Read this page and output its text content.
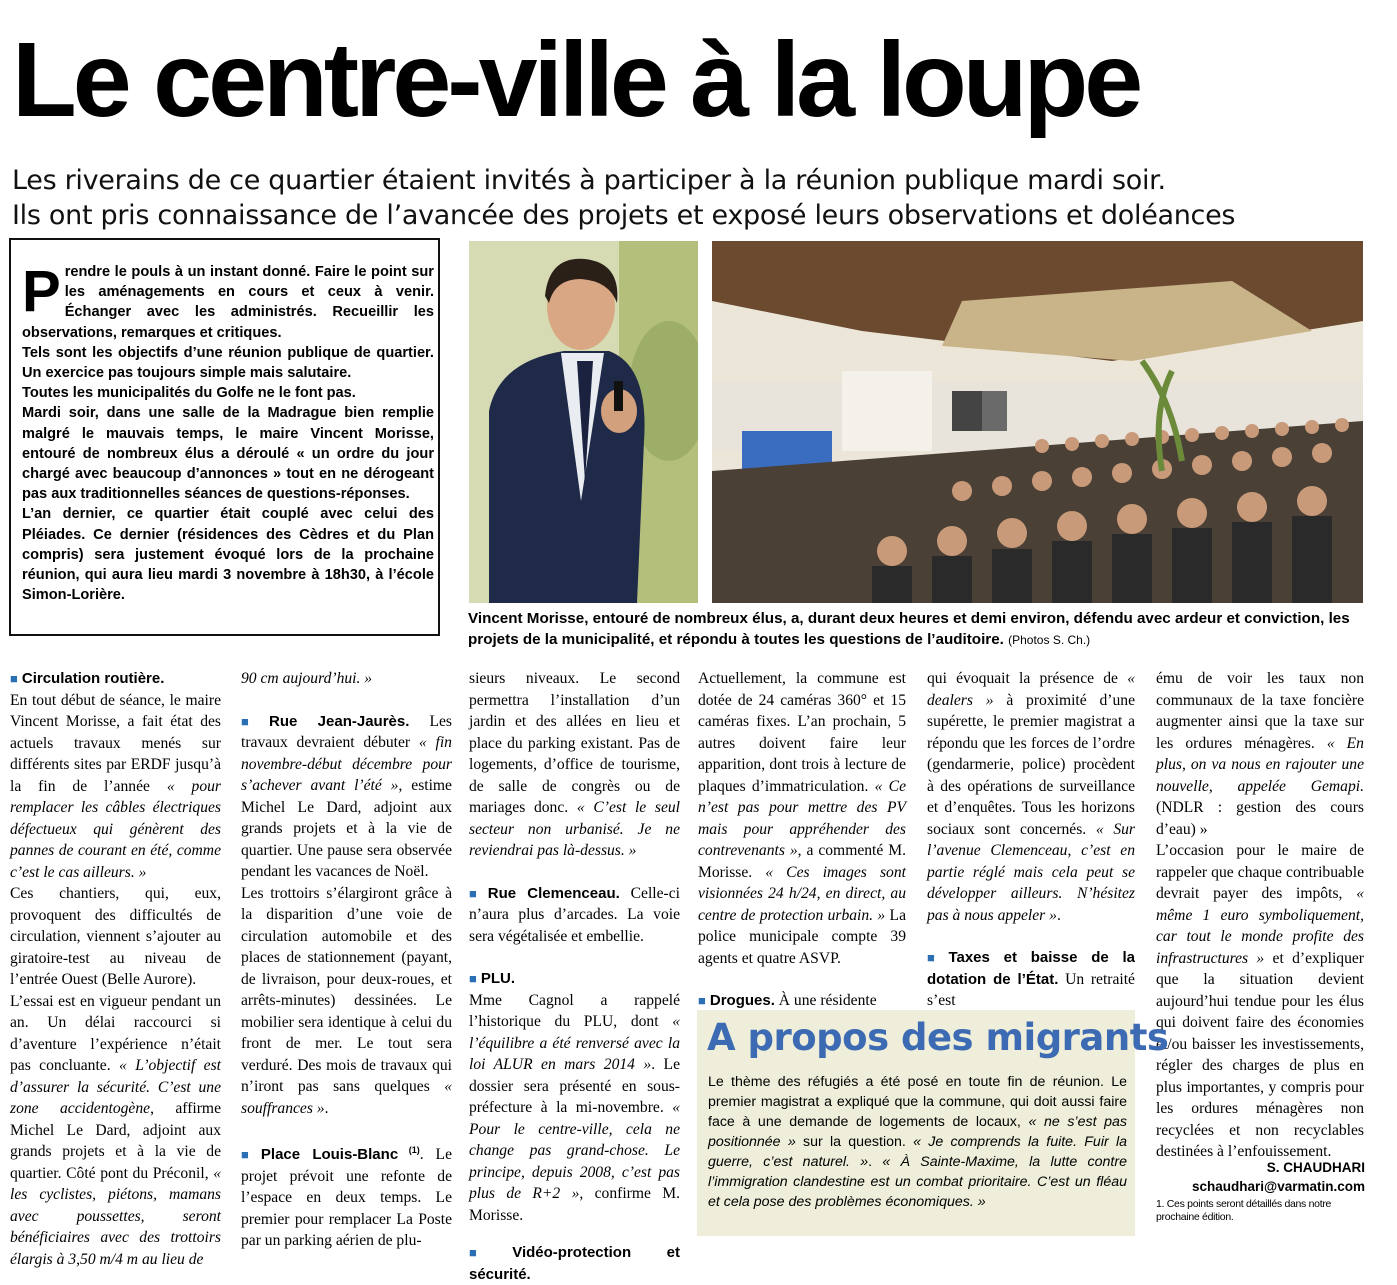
Le centre-ville à la loupe
Les riverains de ce quartier étaient invités à participer à la réunion publique mardi soir.
Ils ont pris connaissance de l’avancée des projets et exposé leurs observations et doléances
Prendre le pouls à un instant donné. Faire le point sur les aménagements en cours et ceux à venir. Échanger avec les administrés. Recueillir les observations, remarques et critiques.
Tels sont les objectifs d’une réunion publique de quartier. Un exercice pas toujours simple mais salutaire.
Toutes les municipalités du Golfe ne le font pas.
Mardi soir, dans une salle de la Madrague bien remplie malgré le mauvais temps, le maire Vincent Morisse, entouré de nombreux élus a déroulé « un ordre du jour chargé avec beaucoup d’annonces » tout en ne dérogeant pas aux traditionnelles séances de questions-réponses.
L’an dernier, ce quartier était couplé avec celui des Pléiades. Ce dernier (résidences des Cèdres et du Plan compris) sera justement évoqué lors de la prochaine réunion, qui aura lieu mardi 3 novembre à 18h30, à l’école Simon-Lorière.
Vincent Morisse, entouré de nombreux élus, a, durant deux heures et demi environ, défendu avec ardeur et conviction, les projets de la municipalité, et répondu à toutes les questions de l’auditoire. (Photos S. Ch.)

■ Circulation routière.

En tout début de séance, le maire Vincent Morisse, a fait état des actuels travaux menés sur différents sites par ERDF jusqu’à la fin de l’année « pour remplacer les câbles électriques défectueux qui génèrent des pannes de courant en été, comme c’est le cas ailleurs. »

Ces chantiers, qui, eux, provoquent des difficultés de circulation, viennent s’ajouter au giratoire-test au niveau de l’entrée Ouest (Belle Aurore).

L’essai est en vigueur pendant un an. Un délai raccourci si d’aventure l’expérience n’était pas concluante. « L’objectif est d’assurer la sécurité. C’est une zone accidentogène, affirme Michel Le Dard, adjoint aux grands projets et à la vie de quartier. Côté pont du Préconil, « les cyclistes, piétons, mamans avec poussettes, seront bénéficiaires avec des trottoirs élargis à 3,50 m/4 m au lieu de

90 cm aujourd’hui. »

■ Rue Jean-Jaurès. Les travaux devraient débuter « fin novembre-début décembre pour s’achever avant l’été », estime Michel Le Dard, adjoint aux grands projets et à la vie de quartier. Une pause sera observée pendant les vacances de Noël.

Les trottoirs s’élargiront grâce à la disparition d’une voie de circulation automobile et des places de stationnement (payant, de livraison, pour deux-roues, et arrêts-minutes) dessinées. Le mobilier sera identique à celui du front de mer. Le tout sera verduré. Des mois de travaux qui n’iront pas sans quelques « souffrances ».

■ Place Louis-Blanc $^{(1)}$. Le projet prévoit une refonte de l’espace en deux temps. Le premier pour remplacer La Poste par un parking aérien de plu-

sieurs niveaux. Le second permettra l’installation d’un jardin et des allées en lieu et place du parking existant. Pas de logements, d’office de tourisme, de salle de congrès ou de mariages donc. « C’est le seul secteur non urbanisé. Je ne reviendrai pas là-dessus. »

■ Rue Clemenceau. Celle-ci n’aura plus d’arcades. La voie sera végétalisée et embellie.

■ PLU.

Mme Cagnol a rappelé l’historique du PLU, dont « l’équilibre a été renversé avec la loi ALUR en mars 2014 ». Le dossier sera présenté en sous-préfecture à la mi-novembre. « Pour le centre-ville, cela ne change pas grand-chose. Le principe, depuis 2008, c’est pas plus de R+2 », confirme M. Morisse.

■ Vidéo-protection et sécurité.

Actuellement, la commune est dotée de 24 caméras 360° et 15 caméras fixes. L’an prochain, 5 autres doivent faire leur apparition, dont trois à lecture de plaques d’immatriculation. « Ce n’est pas pour mettre des PV mais pour appréhender des contrevenants », a commenté M. Morisse. « Ces images sont visionnées 24 h/24, en direct, au centre de protection urbain. » La police municipale compte 39 agents et quatre ASVP.

■ Drogues. À une résidente

qui évoquait la présence de « dealers » à proximité d’une supérette, le premier magistrat a répondu que les forces de l’ordre (gendarmerie, police) procèdent à des opérations de surveillance et d’enquêtes. Tous les horizons sociaux sont concernés. « Sur l’avenue Clemenceau, c’est en partie réglé mais cela peut se développer ailleurs. N’hésitez pas à nous appeler ».

■ Taxes et baisse de la dotation de l’État. Un retraité s’est

ému de voir les taux non communaux de la taxe foncière augmenter ainsi que la taxe sur les ordures ménagères. « En plus, on va nous en rajouter une nouvelle, appelée Gemapi. (NDLR : gestion des cours d’eau) »

L’occasion pour le maire de rappeler que chaque contribuable devrait payer des impôts, « même 1 euro symboliquement, car tout le monde profite des infrastructures » et d’expliquer que la situation devient aujourd’hui tendue pour les élus qui doivent faire des économies et/ou baisser les investissements, régler des charges de plus en plus importantes, y compris pour les ordures ménagères non recyclées et non recyclables destinées à l’enfouissement.

A propos des migrants
Le thème des réfugiés a été posé en toute fin de réunion. Le premier magistrat a expliqué que la commune, qui doit aussi faire face à une demande de logements de locaux, « ne s’est pas positionnée » sur la question. « Je comprends la fuite. Fuir la guerre, c’est naturel. ». « À Sainte-Maxime, la lutte contre l’immigration clandestine est un combat prioritaire. C’est un fléau et cela pose des problèmes économiques. »
S. CHAUDHARI
schaudhari@varmatin.com
1. Ces points seront détaillés dans notre prochaine édition.
